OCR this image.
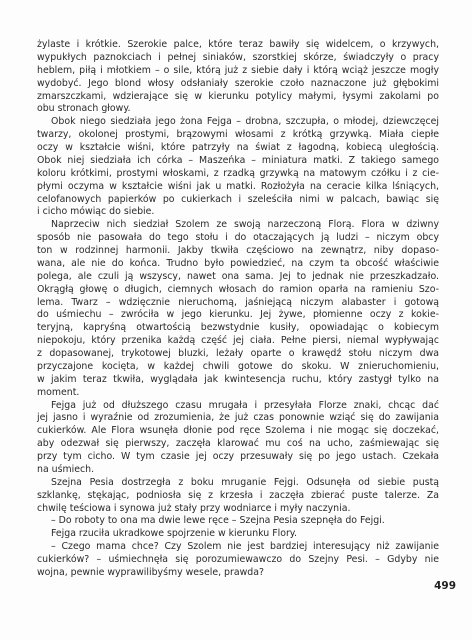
żylaste i krótkie. Szerokie palce, które teraz bawiły się widelcem, o krzywych,
wypukłych paznokciach i pełnej siniaków, szorstkiej skórze, świadczyły o pracy
heblem, piłą i młotkiem – o sile, którą już z siebie dały i którą wciąż jeszcze mogły
wydobyć. Jego blond włosy odsłaniały szerokie czoło naznaczone już głębokimi
zmarszczkami, wdzierające się w kierunku potylicy małymi, łysymi zakolami po
obu stronach głowy.
Obok niego siedziała jego żona Fejga – drobna, szczupła, o młodej, dziewczęcej
twarzy, okolonej prostymi, brązowymi włosami z krótką grzywką. Miała ciepłe
oczy w kształcie wiśni, które patrzyły na świat z łagodną, kobiecą uległością.
Obok niej siedziała ich córka – Maszeńka – miniatura matki. Z takiego samego
koloru krótkimi, prostymi włoskami, z rzadką grzywką na matowym czółku i z cie-
płymi oczyma w kształcie wiśni jak u matki. Rozłożyła na ceracie kilka lśniących,
celofanowych papierków po cukierkach i szeleściła nimi w palcach, bawiąc się
i cicho mówiąc do siebie.
Naprzeciw nich siedział Szolem ze swoją narzeczoną Florą. Flora w dziwny
sposób nie pasowała do tego stołu i do otaczających ją ludzi – niczym obcy
ton w rodzinnej harmonii. Jakby tkwiła częściowo na zewnątrz, niby dopaso-
wana, ale nie do końca. Trudno było powiedzieć, na czym ta obcość właściwie
polega, ale czuli ją wszyscy, nawet ona sama. Jej to jednak nie przeszkadzało.
Okrągłą głowę o długich, ciemnych włosach do ramion oparła na ramieniu Szo-
lema. Twarz – wdzięcznie nieruchomą, jaśniejącą niczym alabaster i gotową
do uśmiechu – zwróciła w jego kierunku. Jej żywe, płomienne oczy z kokie-
teryjną, kapryśną otwartością bezwstydnie kusiły, opowiadając o kobiecym
niepokoju, który przenika każdą część jej ciała. Pełne piersi, niemal wypływając
z dopasowanej, trykotowej bluzki, leżały oparte o krawędź stołu niczym dwa
przyczajone kocięta, w każdej chwili gotowe do skoku. W znieruchomieniu,
w jakim teraz tkwiła, wyglądała jak kwintesencja ruchu, który zastygł tylko na
moment.
Fejga już od dłuższego czasu mrugała i przesyłała Florze znaki, chcąc dać
jej jasno i wyraźnie od zrozumienia, że już czas ponownie wziąć się do zawijania
cukierków. Ale Flora wsunęła dłonie pod ręce Szolema i nie mogąc się doczekać,
aby odezwał się pierwszy, zaczęła klarować mu coś na ucho, zaśmiewając się
przy tym cicho. W tym czasie jej oczy przesuwały się po jego ustach. Czekała
na uśmiech.
Szejna Pesia dostrzegła z boku mruganie Fejgi. Odsunęła od siebie pustą
szklankę, stękając, podniosła się z krzesła i zaczęła zbierać puste talerze. Za
chwilę teściowa i synowa już stały przy wodniarce i myły naczynia.
– Do roboty to ona ma dwie lewe ręce – Szejna Pesia szepnęła do Fejgi.
Fejga rzuciła ukradkowe spojrzenie w kierunku Flory.
– Czego mama chce? Czy Szolem nie jest bardziej interesujący niż zawijanie
cukierków? – uśmiechnęła się porozumiewawczo do Szejny Pesi. – Gdyby nie
wojna, pewnie wyprawilibyśmy wesele, prawda?
499
